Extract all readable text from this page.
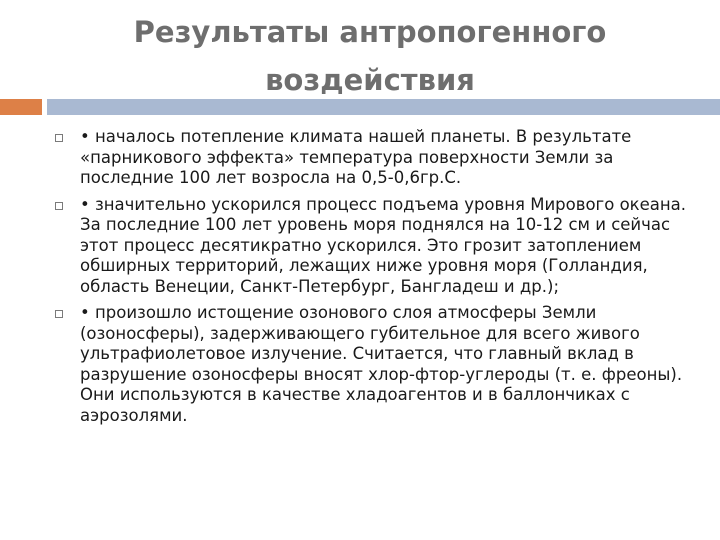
Результаты антропогенного воздействия
• началось потепление климата нашей планеты. В результате «парникового эффекта» температура поверхности Земли за последние 100 лет возросла на 0,5-0,6гр.С.
• значительно ускорился процесс подъема уровня Мирового океана. За последние 100 лет уровень моря поднялся на 10-12 см и сейчас этот процесс десятикратно ускорился. Это грозит затоплением обширных территорий, лежащих ниже уровня моря (Голландия, область Венеции, Санкт-Петербург, Бангладеш и др.);
• произошло истощение озонового слоя атмосферы Земли (озоносферы), задерживающего губительное для всего живого ультрафиолетовое излучение. Считается, что главный вклад в разрушение озоносферы вносят хлор-фтор-углероды (т. е. фреоны). Они используются в качестве хладоагентов и в баллончиках с аэрозолями.
